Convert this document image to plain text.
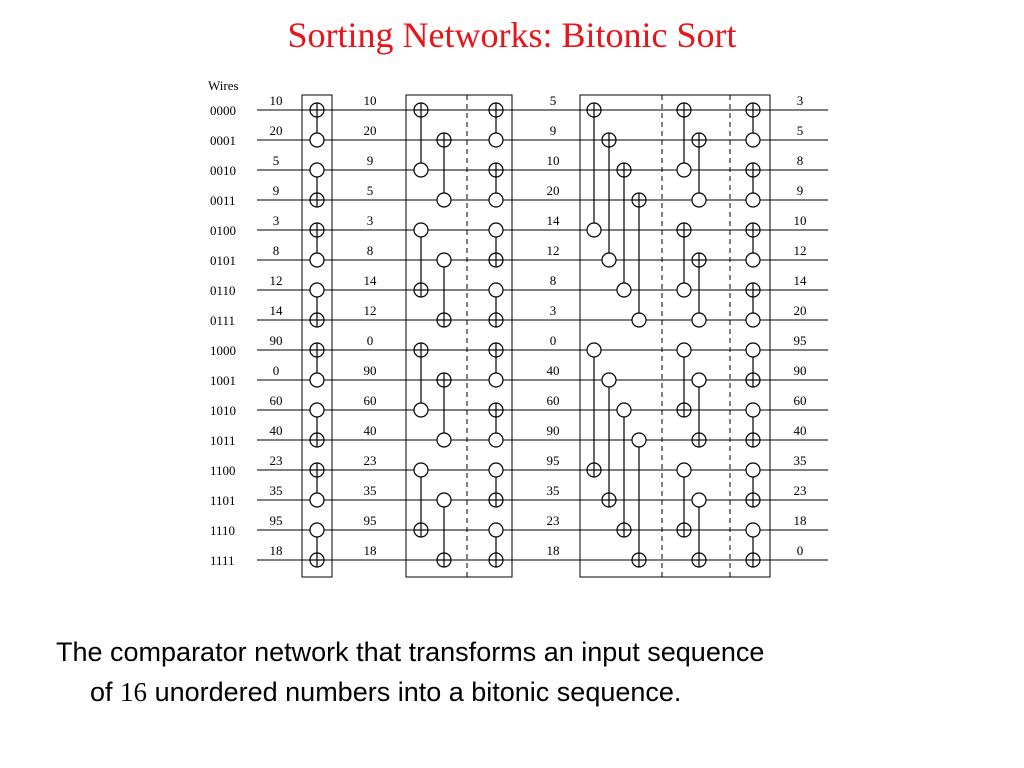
Sorting Networks: Bitonic Sort
Wires
0000
0001
0010
0011
0100
0101
0110
0111
1000
1001
1010
1011
1100
1101
1110
1111
10
20
5
9
3
8
12
14
90
0
60
40
23
35
95
18
10
20
9
5
3
8
14
12
0
90
60
40
23
35
95
18
5
9
10
20
14
12
8
3
0
40
60
90
95
35
23
18
3
5
8
9
10
12
14
20
95
90
60
40
35
23
18
0
The comparator network that transforms an input sequence
of 16 unordered numbers into a bitonic sequence.
